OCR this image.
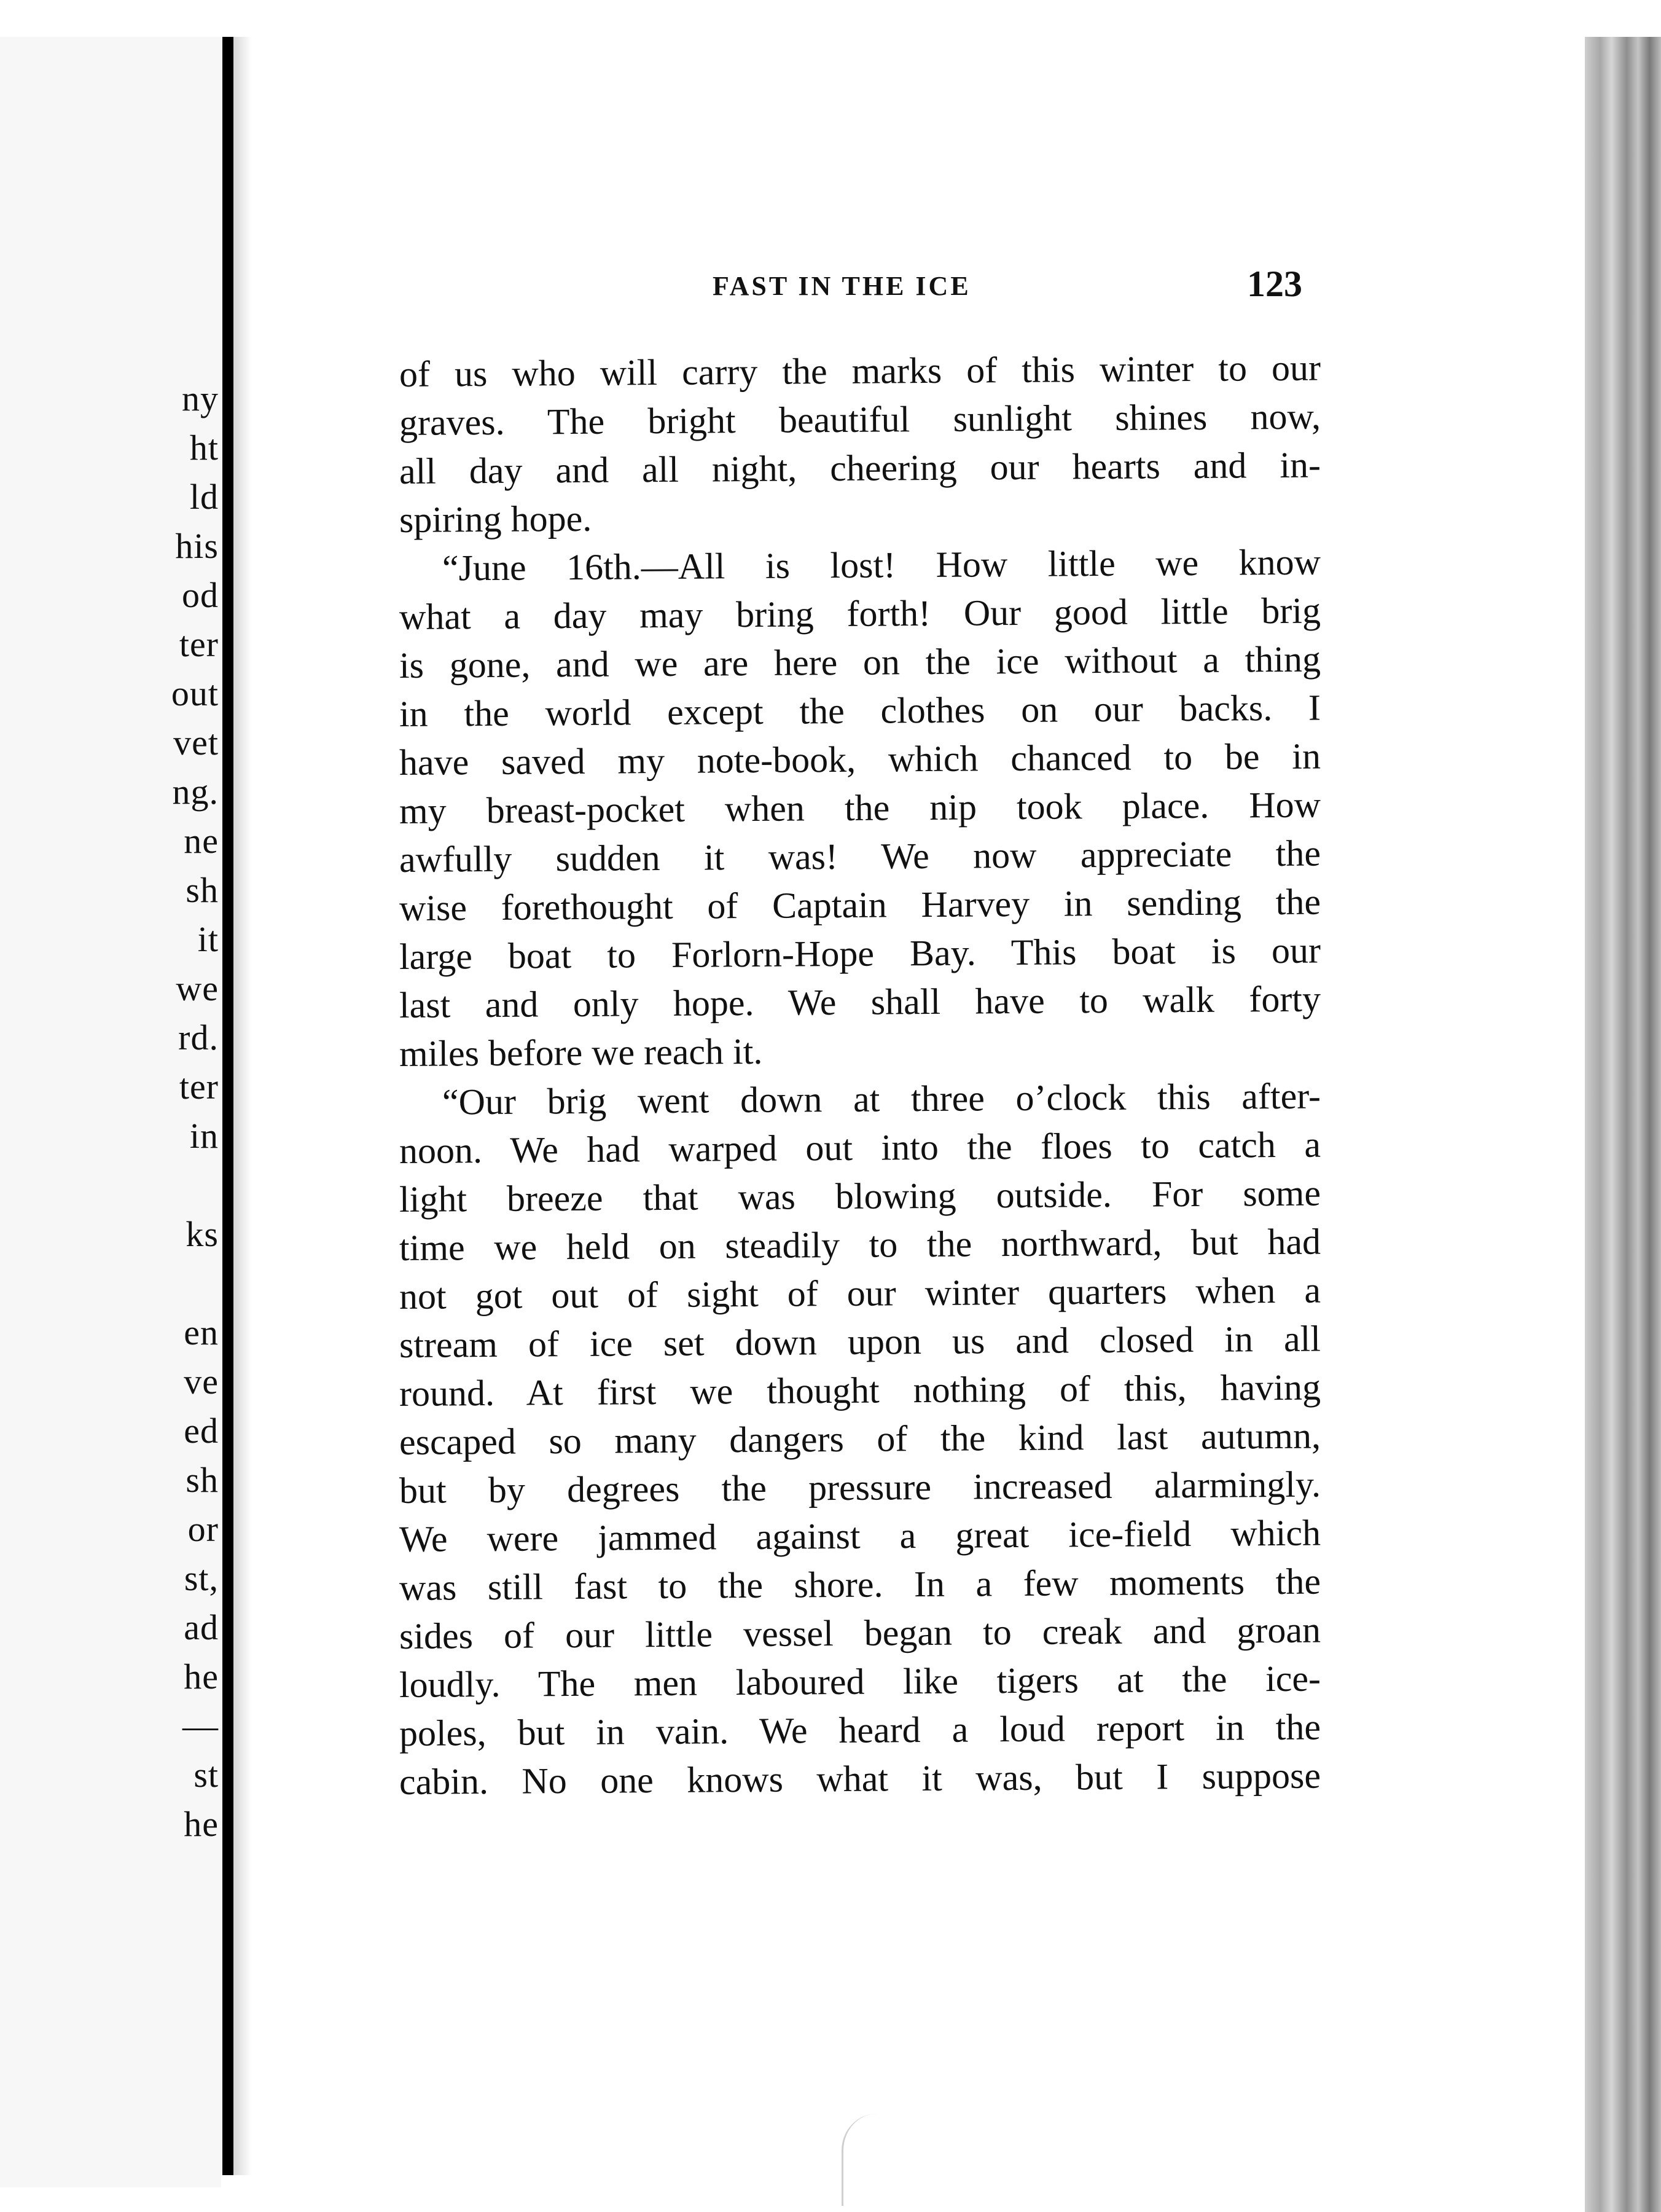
ny
ht
ld
his
od
ter
out
vet
ng.
ne
sh
it
we
rd.
ter
in
ks
en
ve
ed
sh
or
st,
ad
he
—
st
he
FAST IN THE ICE	123
of us who will carry the marks of this winter to our
graves. The bright beautiful sunlight shines now,
all day and all night, cheering our hearts and in-
spiring hope.
“June 16th.—All is lost! How little we know
what a day may bring forth! Our good little brig
is gone, and we are here on the ice without a thing
in the world except the clothes on our backs. I
have saved my note-book, which chanced to be in
my breast-pocket when the nip took place. How
awfully sudden it was! We now appreciate the
wise forethought of Captain Harvey in sending the
large boat to Forlorn-Hope Bay. This boat is our
last and only hope. We shall have to walk forty
miles before we reach it.
“Our brig went down at three o’clock this after-
noon. We had warped out into the floes to catch a
light breeze that was blowing outside. For some
time we held on steadily to the northward, but had
not got out of sight of our winter quarters when a
stream of ice set down upon us and closed in all
round. At first we thought nothing of this, having
escaped so many dangers of the kind last autumn,
but by degrees the pressure increased alarmingly.
We were jammed against a great ice-field which
was still fast to the shore. In a few moments the
sides of our little vessel began to creak and groan
loudly. The men laboured like tigers at the ice-
poles, but in vain. We heard a loud report in the
cabin. No one knows what it was, but I suppose
